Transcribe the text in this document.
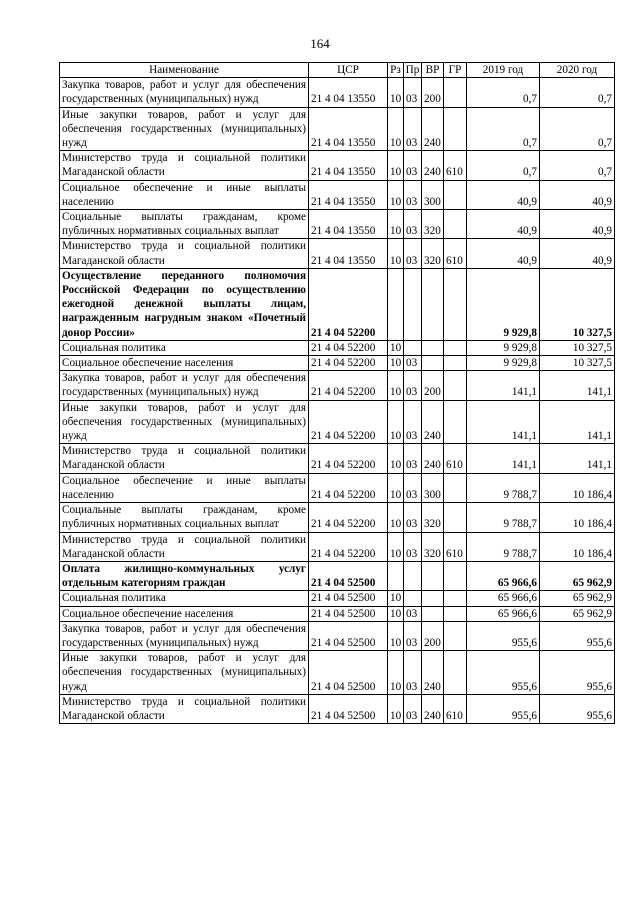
164
Наименование	ЦСР	Рз	Пр	ВР	ГР	2019 год	2020 год
Закупка товаров, работ и услуг для обеспечения государственных (муниципальных) нужд	21 4 04 13550	10	03	200		0,7	0,7
Иные закупки товаров, работ и услуг для обеспечения государственных (муниципальных) нужд	21 4 04 13550	10	03	240		0,7	0,7
Министерство труда и социальной политики Магаданской области	21 4 04 13550	10	03	240	610	0,7	0,7
Социальное обеспечение и иные выплаты населению	21 4 04 13550	10	03	300		40,9	40,9
Социальные выплаты гражданам, кроме публичных нормативных социальных выплат	21 4 04 13550	10	03	320		40,9	40,9
Министерство труда и социальной политики Магаданской области	21 4 04 13550	10	03	320	610	40,9	40,9
Осуществление переданного полномочия Российской Федерации по осуществлению ежегодной денежной выплаты лицам, награжденным нагрудным знаком «Почетный донор России»	21 4 04 52200					9 929,8	10 327,5
Социальная политика	21 4 04 52200	10				9 929,8	10 327,5
Социальное обеспечение населения	21 4 04 52200	10	03			9 929,8	10 327,5
Закупка товаров, работ и услуг для обеспечения государственных (муниципальных) нужд	21 4 04 52200	10	03	200		141,1	141,1
Иные закупки товаров, работ и услуг для обеспечения государственных (муниципальных) нужд	21 4 04 52200	10	03	240		141,1	141,1
Министерство труда и социальной политики Магаданской области	21 4 04 52200	10	03	240	610	141,1	141,1
Социальное обеспечение и иные выплаты населению	21 4 04 52200	10	03	300		9 788,7	10 186,4
Социальные выплаты гражданам, кроме публичных нормативных социальных выплат	21 4 04 52200	10	03	320		9 788,7	10 186,4
Министерство труда и социальной политики Магаданской области	21 4 04 52200	10	03	320	610	9 788,7	10 186,4
Оплата жилищно-коммунальных услуг отдельным категориям граждан	21 4 04 52500					65 966,6	65 962,9
Социальная политика	21 4 04 52500	10				65 966,6	65 962,9
Социальное обеспечение населения	21 4 04 52500	10	03			65 966,6	65 962,9
Закупка товаров, работ и услуг для обеспечения государственных (муниципальных) нужд	21 4 04 52500	10	03	200		955,6	955,6
Иные закупки товаров, работ и услуг для обеспечения государственных (муниципальных) нужд	21 4 04 52500	10	03	240		955,6	955,6
Министерство труда и социальной политики Магаданской области	21 4 04 52500	10	03	240	610	955,6	955,6
